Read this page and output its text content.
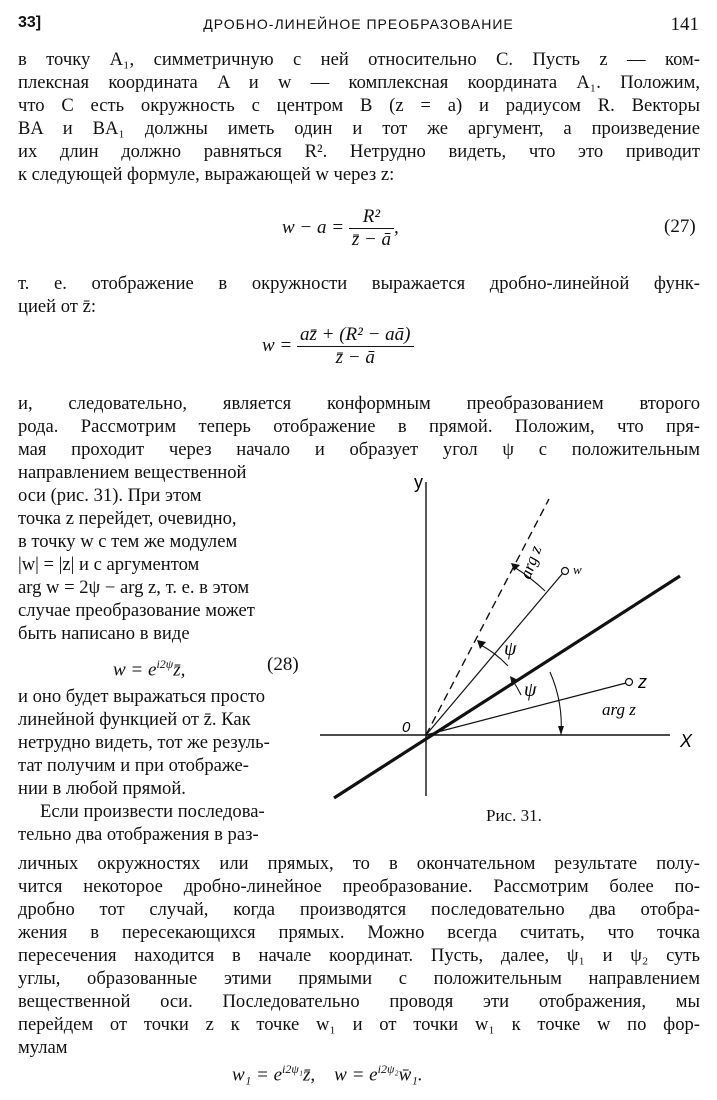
33]	ДРОБНО-ЛИНЕЙНОЕ ПРЕОБРАЗОВАНИЕ	141

в точку A₁, симметричную с ней относительно C. Пусть z — ком-

плексная координата A и w — комплексная координата A₁. Положим,

что C есть окружность с центром B (z = a) и радиусом R. Векторы

BA и BA₁ должны иметь один и тот же аргумент, а произведение

их длин должно равняться R². Нетрудно видеть, что это приводит

к следующей формуле, выражающей w через z:

$w - a = \frac{\text{R²}}{z̄ - ā}$ ,	(27)

т. е. отображение в окружности выражается дробно-линейной функ-

цией от z̄:

$w = \frac{\text{az̄ + (R² − aā)}}{z̄ - ā}$

и, следовательно, является конформным преобразованием второго

рода. Рассмотрим теперь отображение в прямой. Положим, что пря-

мая проходит через начало и образует угол ψ с положительным

направлением вещественной

оси (рис. 31). При этом

точка z перейдет, очевидно,

в точку w с тем же модулем

|w| = |z| и с аргументом

arg w = 2ψ − arg z, т. е. в этом

случае преобразование может

быть написано в виде

$w = e^{i2\psi}z̄$,	(28)

и оно будет выражаться просто

линейной функцией от z̄. Как

нетрудно видеть, тот же резуль-

тат получим и при отображе-

нии в любой прямой.

Если произвести последова-

тельно два отображения в раз-

y
X
0
w
z
arg z
ψ
ψ
arg z
Рис. 31.

личных окружностях или прямых, то в окончательном результате полу-

чится некоторое дробно-линейное преобразование. Рассмотрим более по-

дробно тот случай, когда производятся последовательно два отобра-

жения в пересекающихся прямых. Можно всегда считать, что точка

пересечения находится в начале координат. Пусть, далее, ψ₁ и ψ₂ суть

углы, образованные этими прямыми с положительным направлением

вещественной оси. Последовательно проводя эти отображения, мы

перейдем от точки z к точке w₁ и от точки w₁ к точке w по фор-

мулам

$w_1 = e^{i2\psi_1}z̄$, $w = e^{i2\psi_2}w̄_1$.
